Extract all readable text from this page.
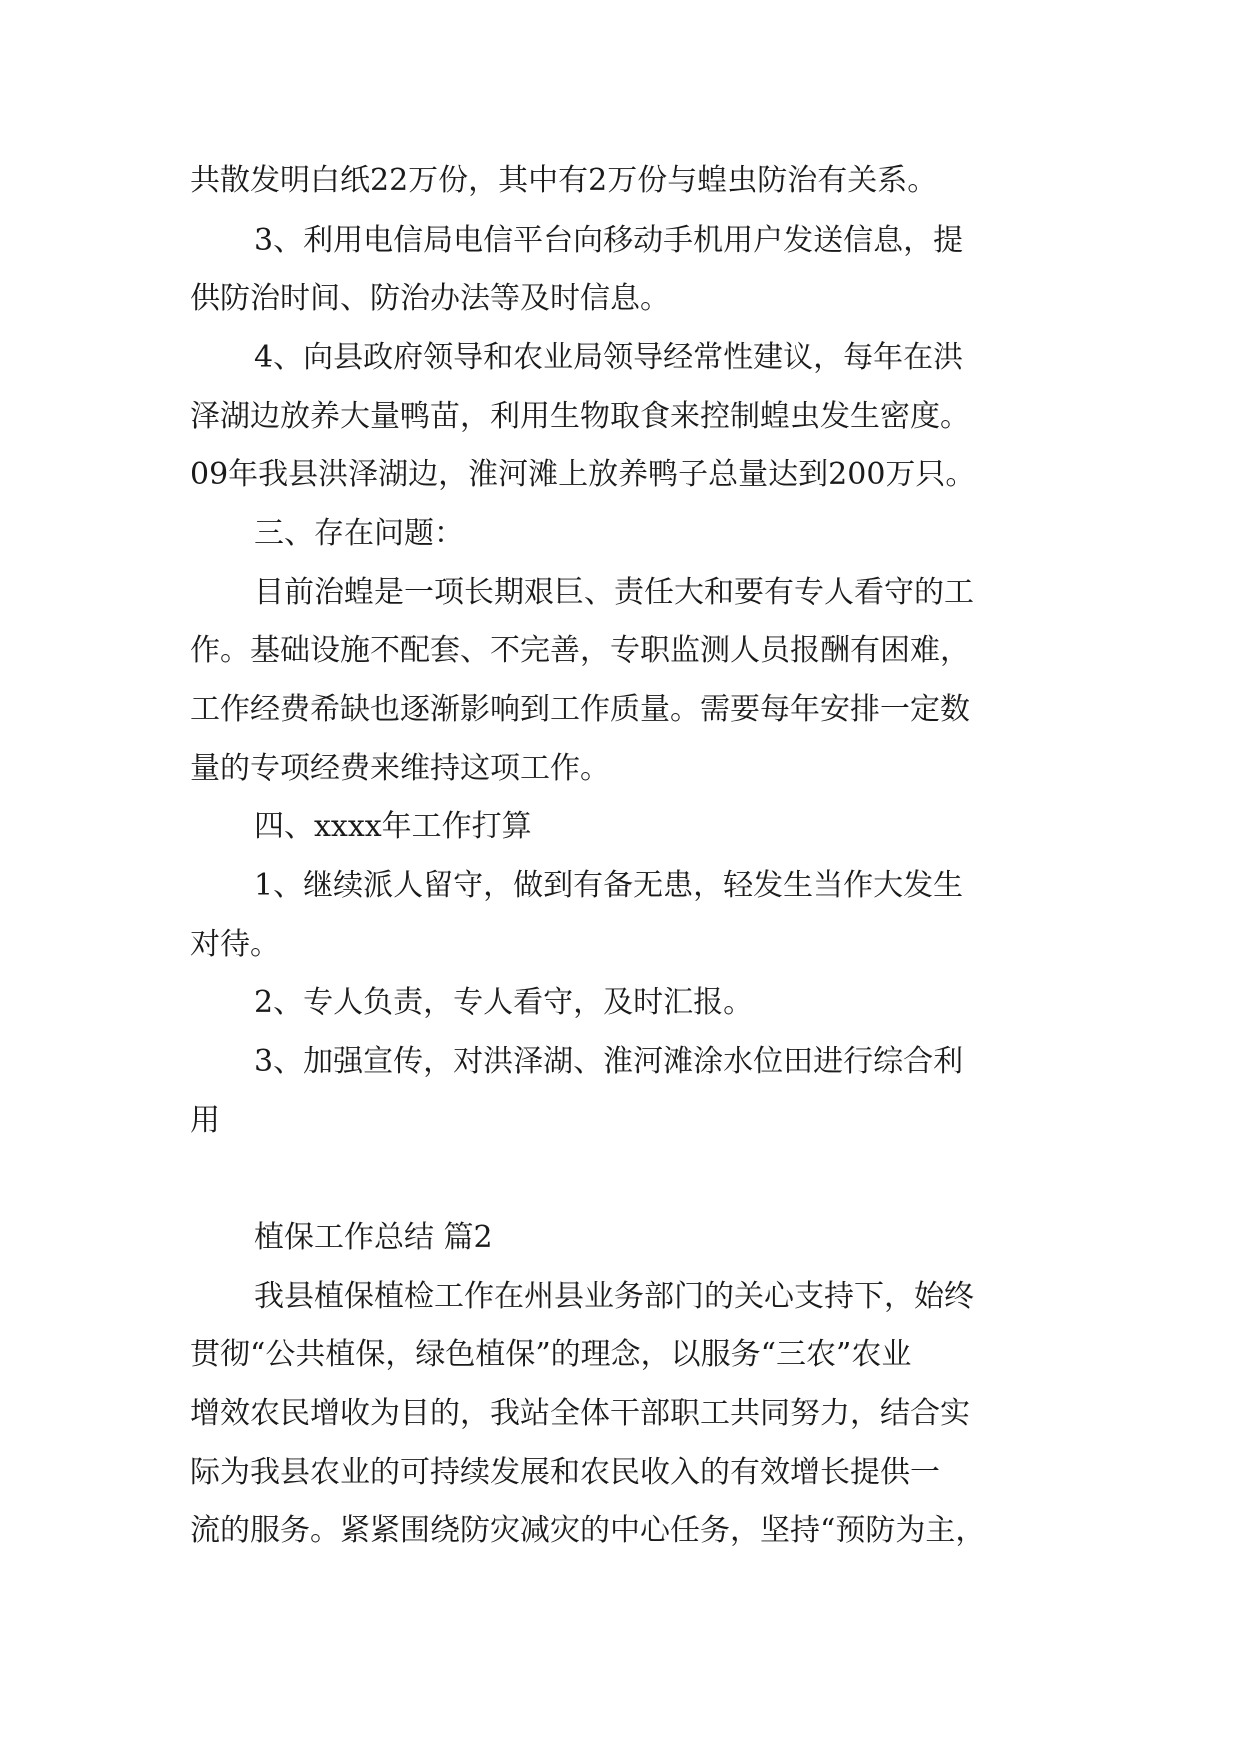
共散发明白纸22万份，其中有2万份与蝗虫防治有关系。
3、利用电信局电信平台向移动手机用户发送信息，提
供防治时间、防治办法等及时信息。
4、向县政府领导和农业局领导经常性建议，每年在洪
泽湖边放养大量鸭苗，利用生物取食来控制蝗虫发生密度。
09年我县洪泽湖边，淮河滩上放养鸭子总量达到200万只。
三、存在问题：
目前治蝗是一项长期艰巨、责任大和要有专人看守的工
作。基础设施不配套、不完善，专职监测人员报酬有困难，
工作经费希缺也逐渐影响到工作质量。需要每年安排一定数
量的专项经费来维持这项工作。
四、xxxx年工作打算
1、继续派人留守，做到有备无患，轻发生当作大发生
对待。
2、专人负责，专人看守，及时汇报。
3、加强宣传，对洪泽湖、淮河滩涂水位田进行综合利
用
植保工作总结 篇2
我县植保植检工作在州县业务部门的关心支持下，始终
贯彻“公共植保，绿色植保”的理念，以服务“三农”农业
增效农民增收为目的，我站全体干部职工共同努力，结合实
际为我县农业的可持续发展和农民收入的有效增长提供一
流的服务。紧紧围绕防灾减灾的中心任务，坚持“预防为主，
